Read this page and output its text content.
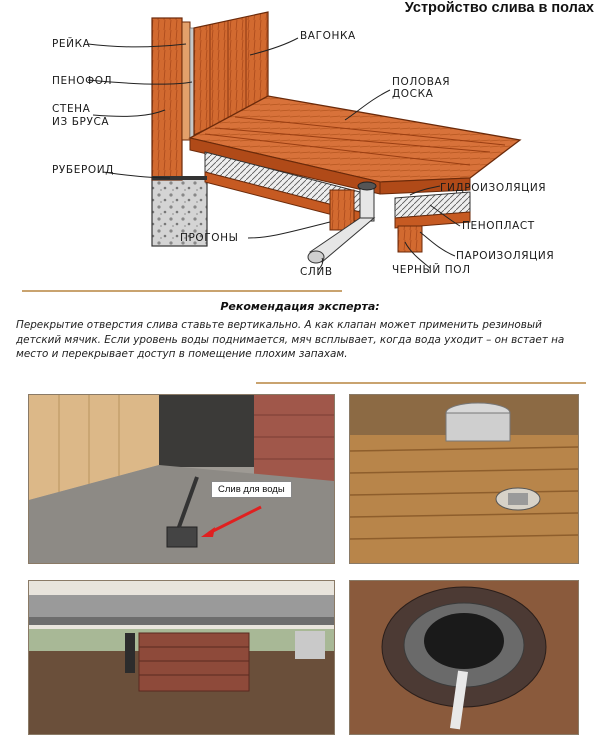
Устройство слива в полах
РЕЙКА
ПЕНОФОЛ
СТЕНА
ИЗ БРУСА
РУБЕРОИД
ВАГОНКА
ПОЛОВАЯ
ДОСКА
ГИДРОИЗОЛЯЦИЯ
ПЕНОПЛАСТ
ПАРОИЗОЛЯЦИЯ
ЧЕРНЫЙ ПОЛ
ПРОГОНЫ
СЛИВ
Рекомендация эксперта:
Перекрытие отверстия слива ставьте вертикально. А как клапан может применить резиновый детский мячик. Если уровень воды поднимается, мяч всплывает, когда вода уходит – он встает на место и перекрывает доступ в помещение плохим запахам.
Слив для воды
